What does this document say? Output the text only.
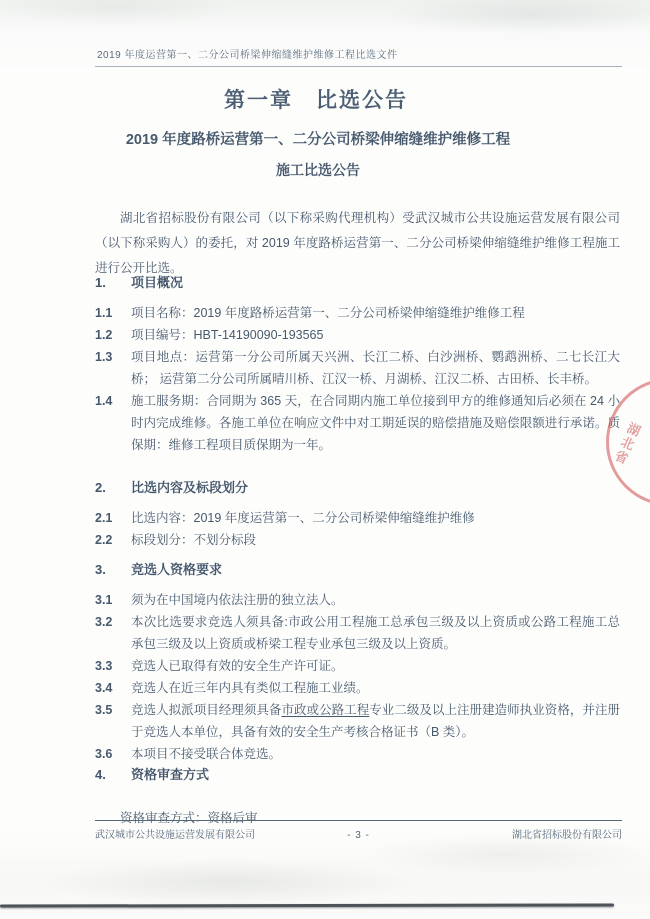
2019 年度运营第一、二分公司桥梁伸缩缝维护维修工程比选文件
第一章　比选公告
2019 年度路桥运营第一、二分公司桥梁伸缩缝维护维修工程
施工比选公告

湖北省招标股份有限公司（以下称采购代理机构）受武汉城市公共设施运营发展有限公司（以下称采购人）的委托，对 2019 年度路桥运营第一、二分公司桥梁伸缩缝维护维修工程施工进行公开比选。

1.	项目概况
1.1	项目名称：2019 年度路桥运营第一、二分公司桥梁伸缩缝维护维修工程
1.2	项目编号：HBT-14190090-193565
1.3	项目地点：运营第一分公司所属天兴洲、长江二桥、白沙洲桥、鹦鹉洲桥、二七长江大桥； 运营第二分公司所属晴川桥、江汉一桥、月湖桥、江汉二桥、古田桥、长丰桥。
1.4	施工服务期：合同期为 365 天，在合同期内施工单位接到甲方的维修通知后必须在 24 小时内完成维修。各施工单位在响应文件中对工期延误的赔偿措施及赔偿限额进行承诺。质保期：维修工程项目质保期为一年。
2.	比选内容及标段划分
2.1	比选内容：2019 年度运营第一、二分公司桥梁伸缩缝维护维修
2.2	标段划分：不划分标段
3.	竞选人资格要求
3.1	须为在中国境内依法注册的独立法人。
3.2	本次比选要求竞选人须具备:市政公用工程施工总承包三级及以上资质或公路工程施工总承包三级及以上资质或桥梁工程专业承包三级及以上资质。
3.3	竞选人已取得有效的安全生产许可证。
3.4	竞选人在近三年内具有类似工程施工业绩。
3.5	竞选人拟派项目经理须具备市政或公路工程专业二级及以上注册建造师执业资格，并注册于竞选人本单位，具备有效的安全生产考核合格证书（B 类）。
3.6	本项目不接受联合体竞选。
4.	资格审查方式

资格审查方式：资格后审

武汉城市公共设施运营发展有限公司	- 3 -	湖北省招标股份有限公司
湖北省
